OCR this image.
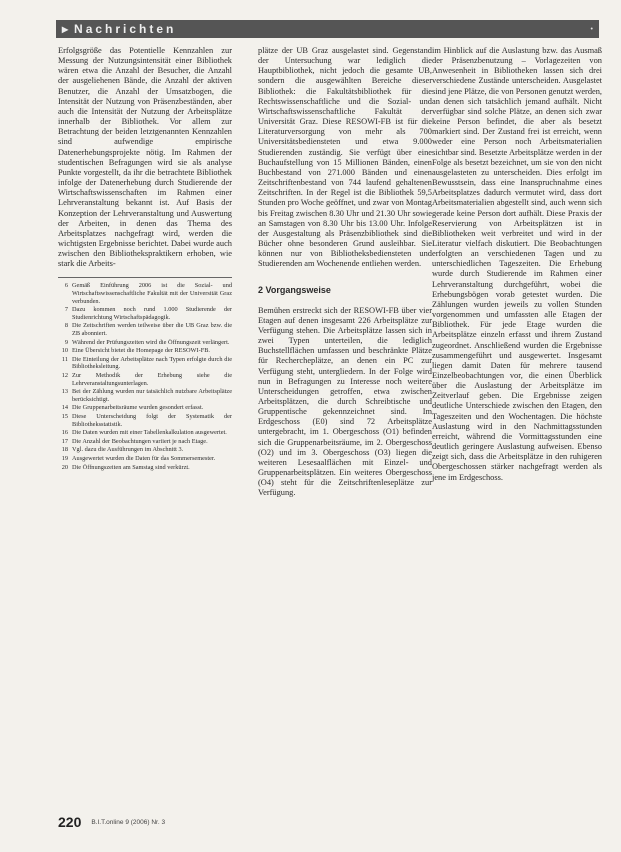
▸ Nachrichten	•

Erfolgsgröße das Potentielle Kennzahlen zur Messung der Nutzungsintensität einer Bibliothek wären etwa die Anzahl der Besucher, die Anzahl der ausgeliehenen Bände, die Anzahl der aktiven Benutzer, die Anzahl der Umsatzbogen, die Intensität der Nutzung von Präsenzbeständen, aber auch die Intensität der Nutzung der Arbeitsplätze innerhalb der Bibliothek. Vor allem zur Betrachtung der beiden letztgenannten Kennzahlen sind aufwendige empirische Datenerhebungsprojekte nötig. Im Rahmen der studentischen Befragungen wird sie als analyse Punkte vorgestellt, da ihr die betrachtete Bibliothek infolge der Datenerhebung durch Studierende der Wirtschaftswissenschaften im Rahmen einer Lehrveranstaltung bekannt ist. Auf Basis der Konzeption der Lehrveranstaltung und Auswertung der Arbeiten, in denen das Thema des Arbeitsplatzes nachgefragt wird, werden die wichtigsten Ergebnisse berichtet. Dabei wurde auch zwischen den Bibliothekspraktikern erhoben, wie stark die Arbeits-

6 Gemäß Einführung 2006 ist die Sozial- und Wirtschaftswissenschaftliche Fakultät mit der Universität Graz verbunden.
7 Dazu kommen noch rund 1.000 Studierende der Studienrichtung Wirtschaftspädagogik.
8 Die Zeitschriften werden teilweise über die UB Graz bzw. die ZB abonniert.
9 Während der Prüfungszeiten wird die Öffnungszeit verlängert.
10 Eine Übersicht bietet die Homepage der RESOWI-FB.
11 Die Einteilung der Arbeitsplätze nach Typen erfolgte durch die Bibliotheksleitung.
12 Zur Methodik der Erhebung siehe die Lehrveranstaltungsunterlagen.
13 Bei der Zählung wurden nur tatsächlich nutzbare Arbeitsplätze berücksichtigt.
14 Die Gruppenarbeitsräume wurden gesondert erfasst.
15 Diese Unterscheidung folgt der Systematik der Bibliotheksstatistik.
16 Die Daten wurden mit einer Tabellenkalkulation ausgewertet.
17 Die Anzahl der Beobachtungen variiert je nach Etage.
18 Vgl. dazu die Ausführungen im Abschnitt 3.
19 Ausgewertet wurden die Daten für das Sommersemester.
20 Die Öffnungszeiten am Samstag sind verkürzt.

plätze der UB Graz ausgelastet sind. Gegenstand der Untersuchung war lediglich die Hauptbibliothek, nicht jedoch die gesamte UB, sondern die ausgewählten Bereiche dieser Bibliothek: die Fakultätsbibliothek für die Rechtswissenschaftliche und die Sozial- und Wirtschaftswissenschaftliche Fakultät der Universität Graz. Diese RESOWI-FB ist für die Literaturversorgung von mehr als 700 Universitätsbediensteten und etwa 9.000 Studierenden zuständig. Sie verfügt über eine Buchaufstellung von 15 Millionen Bänden, einen Buchbestand von 271.000 Bänden und einen Zeitschriftenbestand von 744 laufend gehaltenen Zeitschriften. In der Regel ist die Bibliothek 59,5 Stunden pro Woche geöffnet, und zwar von Montag bis Freitag zwischen 8.30 Uhr und 21.30 Uhr sowie an Samstagen von 8.30 Uhr bis 13.00 Uhr. Infolge der Ausgestaltung als Präsenzbibliothek sind die Bücher ohne besonderen Grund ausleihbar. Sie können nur von Bibliotheksbediensteten und Studierenden am Wochenende entliehen werden.

2 Vorgangsweise

Bemühen erstreckt sich der RESOWI-FB über vier Etagen auf denen insgesamt 226 Arbeitsplätze zur Verfügung stehen. Die Arbeitsplätze lassen sich in zwei Typen unterteilen, die lediglich Buchstellflächen umfassen und beschränkte Plätze für Rechercheplätze, an denen ein PC zur Verfügung steht, untergliedern. In der Folge wird nun in Befragungen zu Interesse noch weitere Unterscheidungen getroffen, etwa zwischen Arbeitsplätzen, die durch Schreibtische und Gruppentische gekennzeichnet sind. Im Erdgeschoss (E0) sind 72 Arbeitsplätze untergebracht, im 1. Obergeschoss (O1) befinden sich die Gruppenarbeitsräume, im 2. Obergeschoss (O2) und im 3. Obergeschoss (O3) liegen die weiteren Lesesaalflächen mit Einzel- und Gruppenarbeitsplätzen. Ein weiteres Obergeschoss (O4) steht für die Zeitschriftenleseplätze zur Verfügung.

im Hinblick auf die Auslastung bzw. das Ausmaß der Präsenzbenutzung – Vorlagezeiten von Anwesenheit in Bibliotheken lassen sich drei verschiedene Zustände unterscheiden. Ausgelastet sind jene Plätze, die von Personen genutzt werden, an denen sich tatsächlich jemand aufhält. Nicht verfügbar sind solche Plätze, an denen sich zwar keine Person befindet, die aber als besetzt markiert sind. Der Zustand frei ist erreicht, wenn weder eine Person noch Arbeitsmaterialien sichtbar sind. Besetzte Arbeitsplätze werden in der Folge als besetzt bezeichnet, um sie von den nicht ausgelasteten zu unterscheiden. Dies erfolgt im Bewusstsein, dass eine Inanspruchnahme eines Arbeitsplatzes dadurch vermutet wird, dass dort Arbeitsmaterialien abgestellt sind, auch wenn sich gerade keine Person dort aufhält. Diese Praxis der Reservierung von Arbeitsplätzen ist in Bibliotheken weit verbreitet und wird in der Literatur vielfach diskutiert. Die Beobachtungen erfolgten an verschiedenen Tagen und zu unterschiedlichen Tageszeiten. Die Erhebung wurde durch Studierende im Rahmen einer Lehrveranstaltung durchgeführt, wobei die Erhebungsbögen vorab getestet wurden. Die Zählungen wurden jeweils zu vollen Stunden vorgenommen und umfassten alle Etagen der Bibliothek. Für jede Etage wurden die Arbeitsplätze einzeln erfasst und ihrem Zustand zugeordnet. Anschließend wurden die Ergebnisse zusammengeführt und ausgewertet. Insgesamt liegen damit Daten für mehrere tausend Einzelbeobachtungen vor, die einen Überblick über die Auslastung der Arbeitsplätze im Zeitverlauf geben. Die Ergebnisse zeigen deutliche Unterschiede zwischen den Etagen, den Tageszeiten und den Wochentagen. Die höchste Auslastung wird in den Nachmittagsstunden erreicht, während die Vormittagsstunden eine deutlich geringere Auslastung aufweisen. Ebenso zeigt sich, dass die Arbeitsplätze in den ruhigeren Obergeschossen stärker nachgefragt werden als jene im Erdgeschoss.

220 B.I.T.online 9 (2006) Nr. 3
